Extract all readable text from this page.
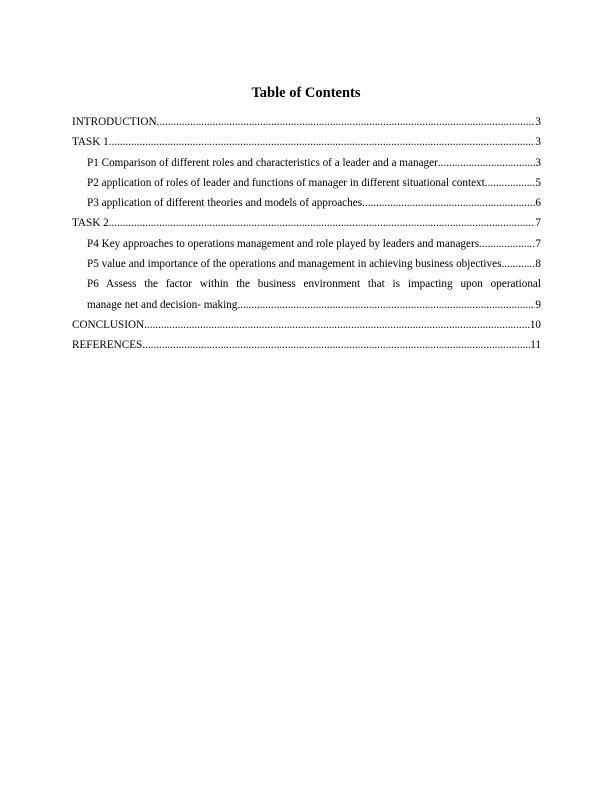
Table of Contents
INTRODUCTION .....	3
TASK 1 .....	3
P1 Comparison of different roles and characteristics of a leader and a manager .....	3
P2 application of roles of leader and functions of manager in different situational context. .....	5
P3 application of different theories and models of approaches. .....	6
TASK 2 .....	7
P4 Key approaches to operations management and role played by leaders and managers .....	7
P5 value and importance of the operations and management in achieving business objectives. .....	8
P6 Assess the factor within the business environment that is impacting upon operational
manage net and decision- making .....	9
CONCLUSION .....	10
REFERENCES .....	11
